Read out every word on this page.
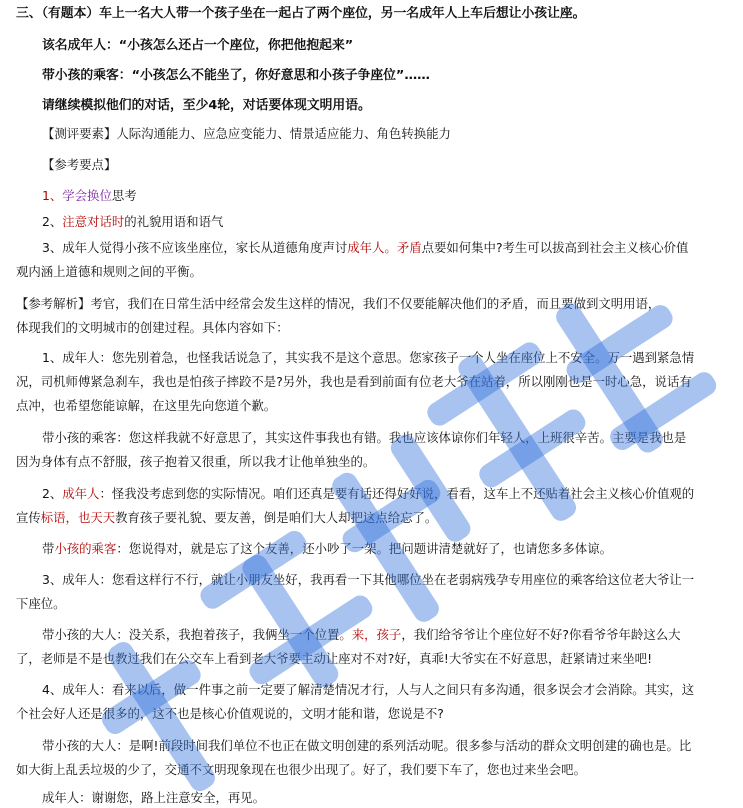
三、（有题本）车上一名大人带一个孩子坐在一起占了两个座位，另一名成年人上车后想让小孩让座。
该名成年人：“小孩怎么还占一个座位，你把他抱起来”
带小孩的乘客：“小孩怎么不能坐了，你好意思和小孩子争座位”……
请继续模拟他们的对话，至少4轮，对话要体现文明用语。
【测评要素】人际沟通能力、应急应变能力、情景适应能力、角色转换能力
【参考要点】
1、学会换位思考
2、注意对话时的礼貌用语和语气
3、成年人觉得小孩不应该坐座位，家长从道德角度声讨成年人。矛盾点要如何集中?考生可以拔高到社会主义核心价值
观内涵上道德和规则之间的平衡。
【参考解析】考官，我们在日常生活中经常会发生这样的情况，我们不仅要能解决他们的矛盾，而且要做到文明用语，
体现我们的文明城市的创建过程。具体内容如下：
1、成年人：您先别着急，也怪我话说急了，其实我不是这个意思。您家孩子一个人坐在座位上不安全。万一遇到紧急情
况，司机师傅紧急刹车，我也是怕孩子摔跤不是?另外，我也是看到前面有位老大爷在站着，所以刚刚也是一时心急，说话有
点冲，也希望您能谅解，在这里先向您道个歉。
带小孩的乘客：您这样我就不好意思了，其实这件事我也有错。我也应该体谅你们年轻人，上班很辛苦。主要是我也是
因为身体有点不舒服，孩子抱着又很重，所以我才让他单独坐的。
2、成年人：怪我没考虑到您的实际情况。咱们还真是要有话还得好好说，看看，这车上不还贴着社会主义核心价值观的
宣传标语，也天天教育孩子要礼貌、要友善，倒是咱们大人却把这点给忘了。
带小孩的乘客：您说得对，就是忘了这个友善，还小吵了一架。把问题讲清楚就好了，也请您多多体谅。
3、成年人：您看这样行不行，就让小朋友坐好，我再看一下其他哪位坐在老弱病残孕专用座位的乘客给这位老大爷让一
下座位。
带小孩的大人：没关系，我抱着孩子，我俩坐一个位置。来，孩子，我们给爷爷让个座位好不好?你看爷爷年龄这么大
了，老师是不是也教过我们在公交车上看到老大爷要主动让座对不对?好，真乖!大爷实在不好意思，赶紧请过来坐吧!
4、成年人：看来以后，做一件事之前一定要了解清楚情况才行，人与人之间只有多沟通，很多误会才会消除。其实，这
个社会好人还是很多的，这不也是核心价值观说的，文明才能和谐，您说是不?
带小孩的大人：是啊!前段时间我们单位不也正在做文明创建的系列活动呢。很多参与活动的群众文明创建的确也是。比
如大街上乱丢垃圾的少了，交通不文明现象现在也很少出现了。好了，我们要下车了，您也过来坐会吧。
成年人：谢谢您，路上注意安全，再见。
